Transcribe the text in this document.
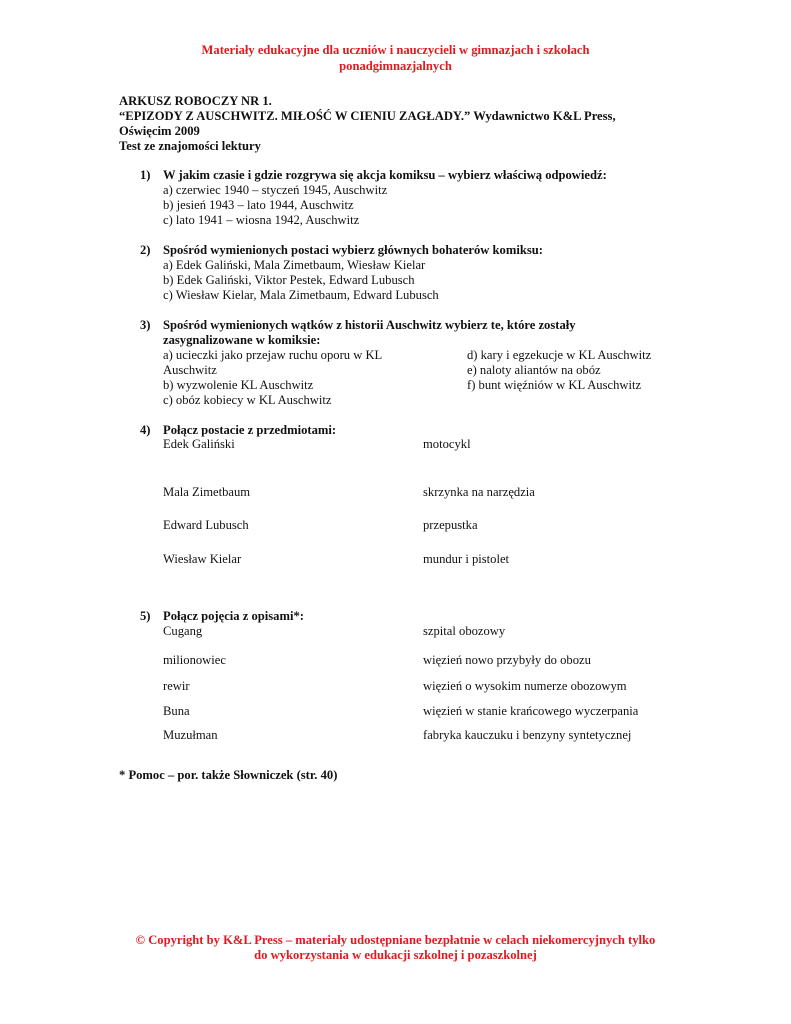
Materiały edukacyjne dla uczniów i nauczycieli w gimnazjach i szkołach
ponadgimnazjalnych
ARKUSZ ROBOCZY NR 1.
“EPIZODY Z AUSCHWITZ. MIŁOŚĆ W CIENIU ZAGŁADY.” Wydawnictwo K&L Press,
Oświęcim 2009
Test ze znajomości lektury
1) W jakim czasie i gdzie rozgrywa się akcja komiksu – wybierz właściwą odpowiedź:
a) czerwiec 1940 – styczeń 1945, Auschwitz
b) jesień 1943 – lato 1944, Auschwitz
c) lato 1941 – wiosna 1942, Auschwitz
2) Spośród wymienionych postaci wybierz głównych bohaterów komiksu:
a) Edek Galiński, Mala Zimetbaum, Wiesław Kielar
b) Edek Galiński, Viktor Pestek, Edward Lubusch
c) Wiesław Kielar, Mala Zimetbaum, Edward Lubusch
3) Spośród wymienionych wątków z historii Auschwitz wybierz te, które zostały
zasygnalizowane w komiksie:
a) ucieczki jako przejaw ruchu oporu w KL
Auschwitz
b) wyzwolenie KL Auschwitz
c) obóz kobiecy w KL Auschwitz
d) kary i egzekucje w KL Auschwitz
e) naloty aliantów na obóz
f) bunt więźniów w KL Auschwitz
4) Połącz postacie z przedmiotami:
Edek Galiński	motocykl
Mala Zimetbaum	skrzynka na narzędzia
Edward Lubusch	przepustka
Wiesław Kielar	mundur i pistolet
5) Połącz pojęcia z opisami*:
Cugang	szpital obozowy
milionowiec	więzień nowo przybyły do obozu
rewir	więzień o wysokim numerze obozowym
Buna	więzień w stanie krańcowego wyczerpania
Muzułman	fabryka kauczuku i benzyny syntetycznej
* Pomoc – por. także Słowniczek (str. 40)
© Copyright by K&L Press – materiały udostępniane bezpłatnie w celach niekomercyjnych tylko
do wykorzystania w edukacji szkolnej i pozaszkolnej
